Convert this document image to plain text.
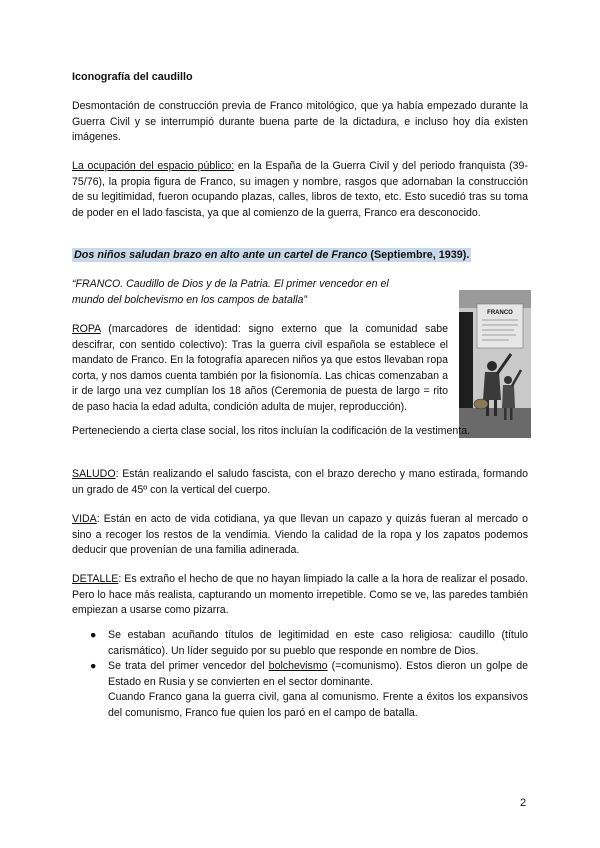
Iconografía del caudillo

Desmontación de construcción previa de Franco mitológico, que ya había empezado durante la Guerra Civil y se interrumpió durante buena parte de la dictadura, e incluso hoy día existen imágenes.

La ocupación del espacio público: en la España de la Guerra Civil y del periodo franquista (39-75/76), la propia figura de Franco, su imagen y nombre, rasgos que adornaban la construcción de su legitimidad, fueron ocupando plazas, calles, libros de texto, etc. Esto sucedió tras su toma de poder en el lado fascista, ya que al comienzo de la guerra, Franco era desconocido.

Dos niños saludan brazo en alto ante un cartel de Franco (Septiembre, 1939).

“FRANCO. Caudillo de Dios y de la Patria. El primer vencedor en el mundo del bolchevismo en los campos de batalla”

FRANCO

ROPA (marcadores de identidad: signo externo que la comunidad sabe descifrar, con sentido colectivo): Tras la guerra civil española se establece el mandato de Franco. En la fotografía aparecen niños ya que estos llevaban ropa corta, y nos damos cuenta también por la fisionomía. Las chicas comenzaban a ir de largo una vez cumplían los 18 años (Ceremonia de puesta de largo = rito de paso hacia la edad adulta, condición adulta de mujer, reproducción).

Perteneciendo a cierta clase social, los ritos incluían la codificación de la vestimenta.

SALUDO: Están realizando el saludo fascista, con el brazo derecho y mano estirada, formando un grado de 45º con la vertical del cuerpo.

VIDA: Están en acto de vida cotidiana, ya que llevan un capazo y quizás fueran al mercado o sino a recoger los restos de la vendimia. Viendo la calidad de la ropa y los zapatos podemos deducir que provenían de una familia adinerada.

DETALLE: Es extraño el hecho de que no hayan limpiado la calle a la hora de realizar el posado. Pero lo hace más realista, capturando un momento irrepetible. Como se ve, las paredes también empiezan a usarse como pizarra.

● Se estaban acuñando títulos de legitimidad en este caso religiosa: caudillo (título carismático). Un líder seguido por su pueblo que responde en nombre de Dios.
● Se trata del primer vencedor del bolchevismo (=comunismo). Estos dieron un golpe de Estado en Rusia y se convierten en el sector dominante.
Cuando Franco gana la guerra civil, gana al comunismo. Frente a éxitos los expansivos del comunismo, Franco fue quien los paró en el campo de batalla.
2
